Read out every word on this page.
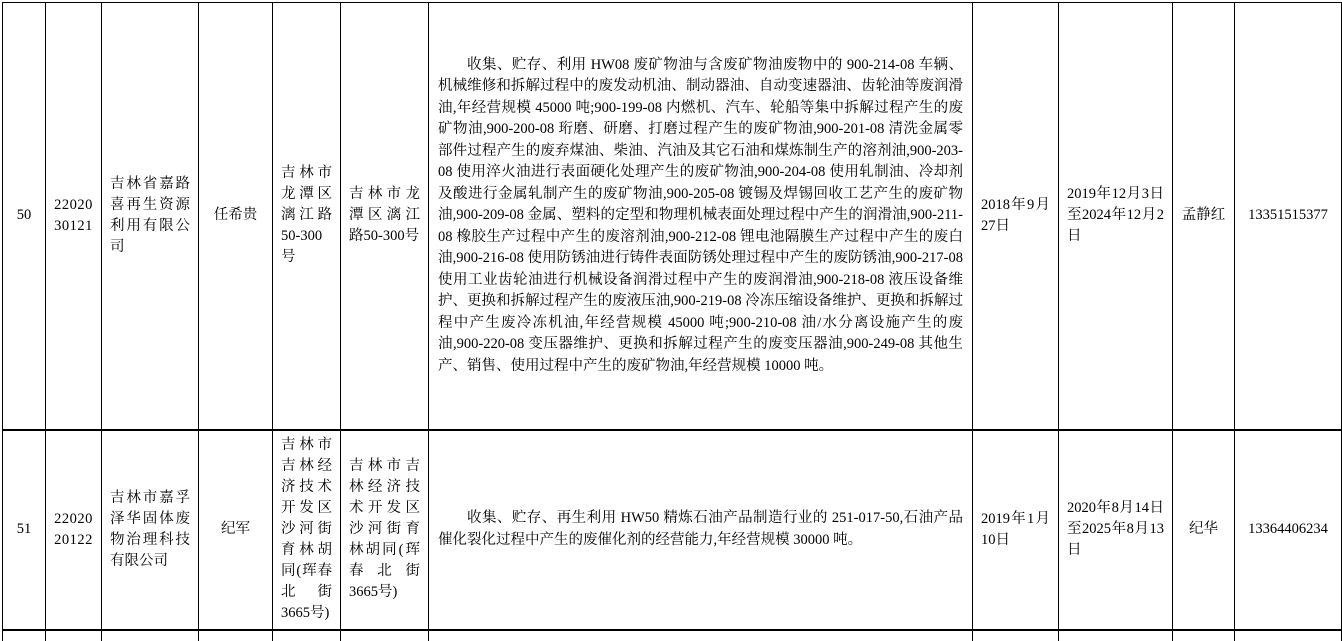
50	2202030121	吉林省嘉路喜再生资源利用有限公司	任希贵	吉林市龙潭区漓江路50-300号	吉林市龙潭区漓江路50-300号	收集、贮存、利用 HW08 废矿物油与含废矿物油废物中的 900-214-08 车辆、机械维修和拆解过程中的废发动机油、制动器油、自动变速器油、齿轮油等废润滑油,年经营规模 45000 吨;900-199-08 内燃机、汽车、轮船等集中拆解过程产生的废矿物油,900-200-08 珩磨、研磨、打磨过程产生的废矿物油,900-201-08 清洗金属零部件过程产生的废弃煤油、柴油、汽油及其它石油和煤炼制生产的溶剂油,900-203-08 使用淬火油进行表面硬化处理产生的废矿物油,900-204-08 使用轧制油、冷却剂及酸进行金属轧制产生的废矿物油,900-205-08 镀锡及焊锡回收工艺产生的废矿物油,900-209-08 金属、塑料的定型和物理机械表面处理过程中产生的润滑油,900-211-08 橡胶生产过程中产生的废溶剂油,900-212-08 锂电池隔膜生产过程中产生的废白油,900-216-08 使用防锈油进行铸件表面防锈处理过程中产生的废防锈油,900-217-08 使用工业齿轮油进行机械设备润滑过程中产生的废润滑油,900-218-08 液压设备维护、更换和拆解过程产生的废液压油,900-219-08 冷冻压缩设备维护、更换和拆解过程中产生废冷冻机油,年经营规模 45000 吨;900-210-08 油/水分离设施产生的废油,900-220-08 变压器维护、更换和拆解过程产生的废变压器油,900-249-08 其他生产、销售、使用过程中产生的废矿物油,年经营规模 10000 吨。	2018年9月27日	2019年12月3日至2024年12月2日	孟静红	13351515377
51	2202020122	吉林市嘉孚泽华固体废物治理科技有限公司	纪军	吉林市吉林经济技术开发区沙河街育林胡同(珲春北街3665号)	吉林市吉林经济技术开发区沙河街育林胡同(珲春北街3665号)	收集、贮存、再生利用 HW50 精炼石油产品制造行业的 251-017-50,石油产品催化裂化过程中产生的废催化剂的经营能力,年经营规模 30000 吨。	2019年1月10日	2020年8月14日至2025年8月13日	纪华	13364406234
